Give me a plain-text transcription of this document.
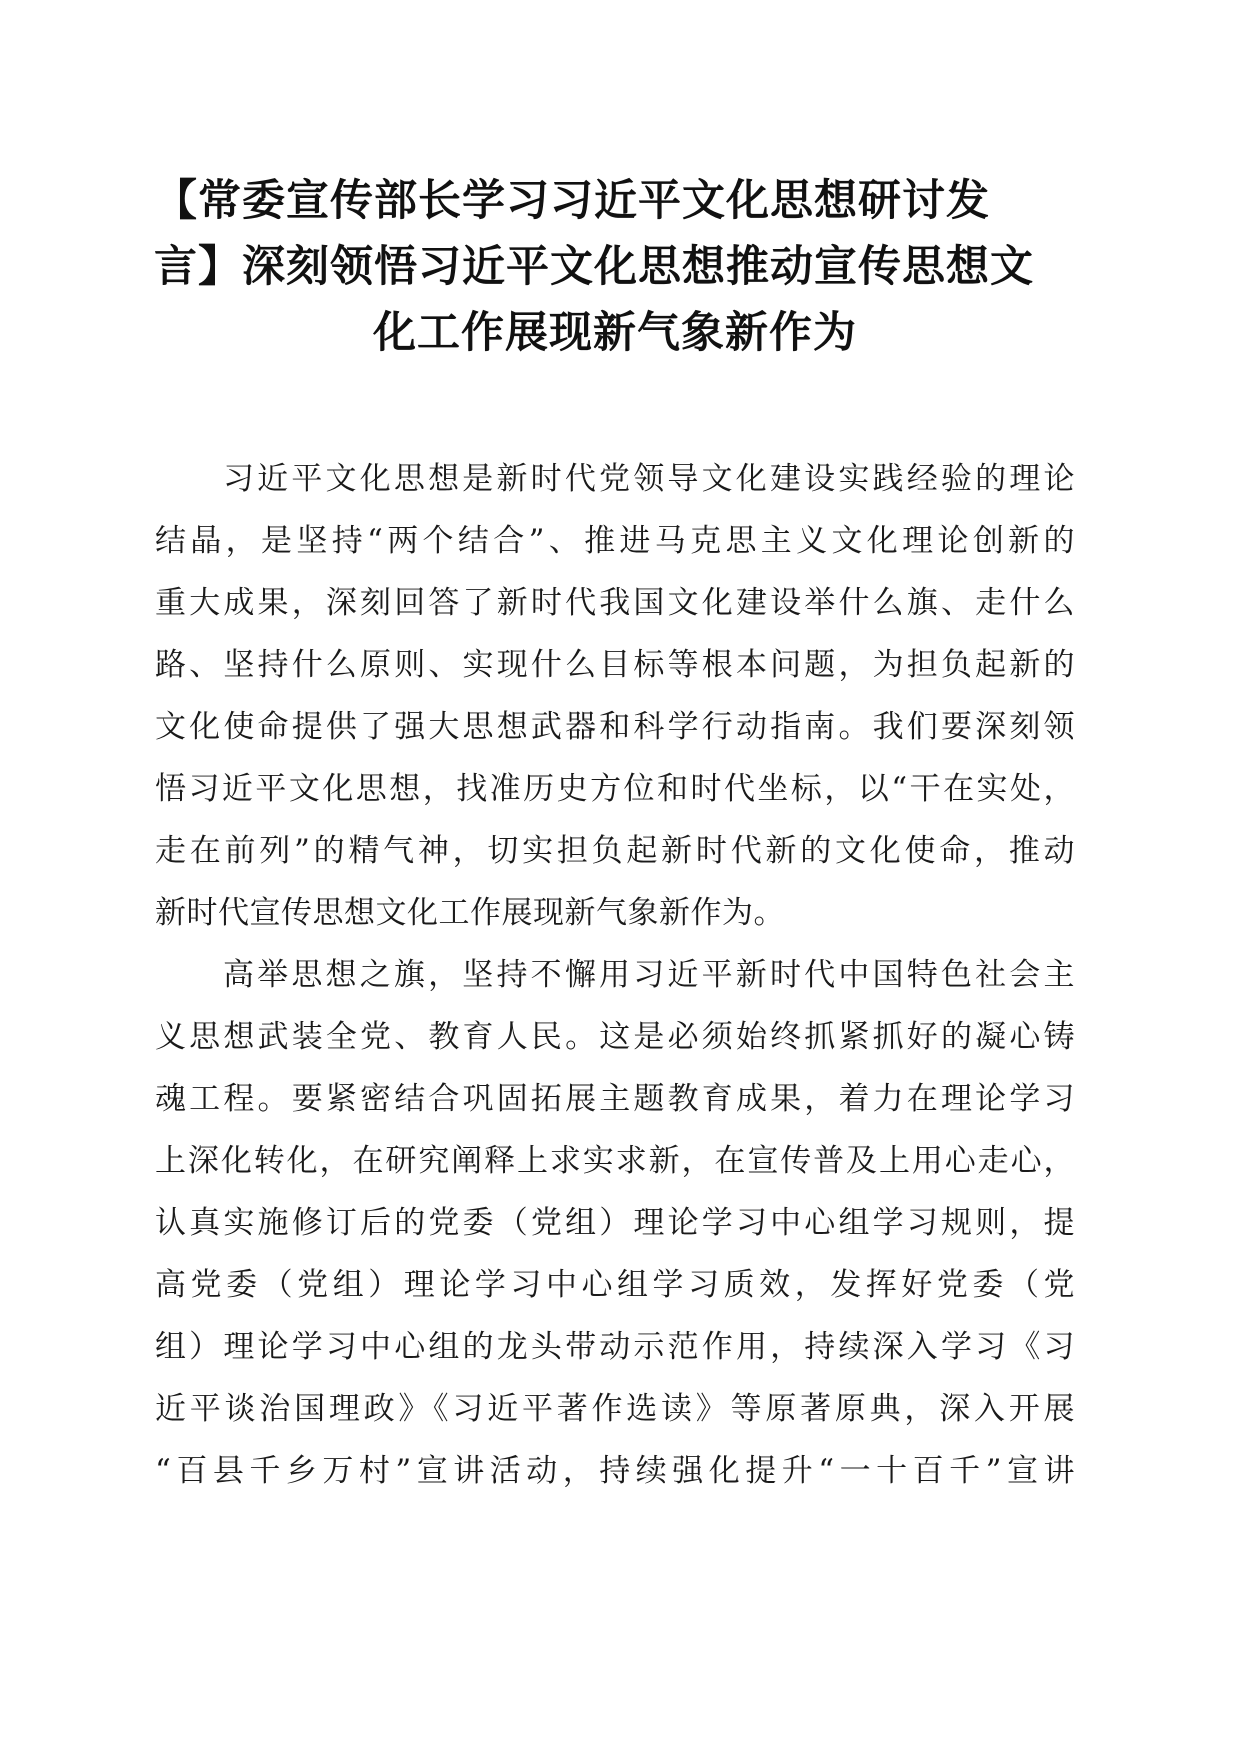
【常委宣传部长学习习近平文化思想研讨发
言】深刻领悟习近平文化思想推动宣传思想文
化工作展现新气象新作为
习近平文化思想是新时代党领导文化建设实践经验的理论
结晶，是坚持“两个结合”、推进马克思主义文化理论创新的
重大成果，深刻回答了新时代我国文化建设举什么旗、走什么
路、坚持什么原则、实现什么目标等根本问题，为担负起新的
文化使命提供了强大思想武器和科学行动指南。我们要深刻领
悟习近平文化思想，找准历史方位和时代坐标，以“干在实处，
走在前列”的精气神，切实担负起新时代新的文化使命，推动
新时代宣传思想文化工作展现新气象新作为。
高举思想之旗，坚持不懈用习近平新时代中国特色社会主
义思想武装全党、教育人民。这是必须始终抓紧抓好的凝心铸
魂工程。要紧密结合巩固拓展主题教育成果，着力在理论学习
上深化转化，在研究阐释上求实求新，在宣传普及上用心走心，
认真实施修订后的党委（党组）理论学习中心组学习规则，提
高党委（党组）理论学习中心组学习质效，发挥好党委（党
组）理论学习中心组的龙头带动示范作用，持续深入学习《习
近平谈治国理政》《习近平著作选读》等原著原典，深入开展
“百县千乡万村”宣讲活动，持续强化提升“一十百千”宣讲
